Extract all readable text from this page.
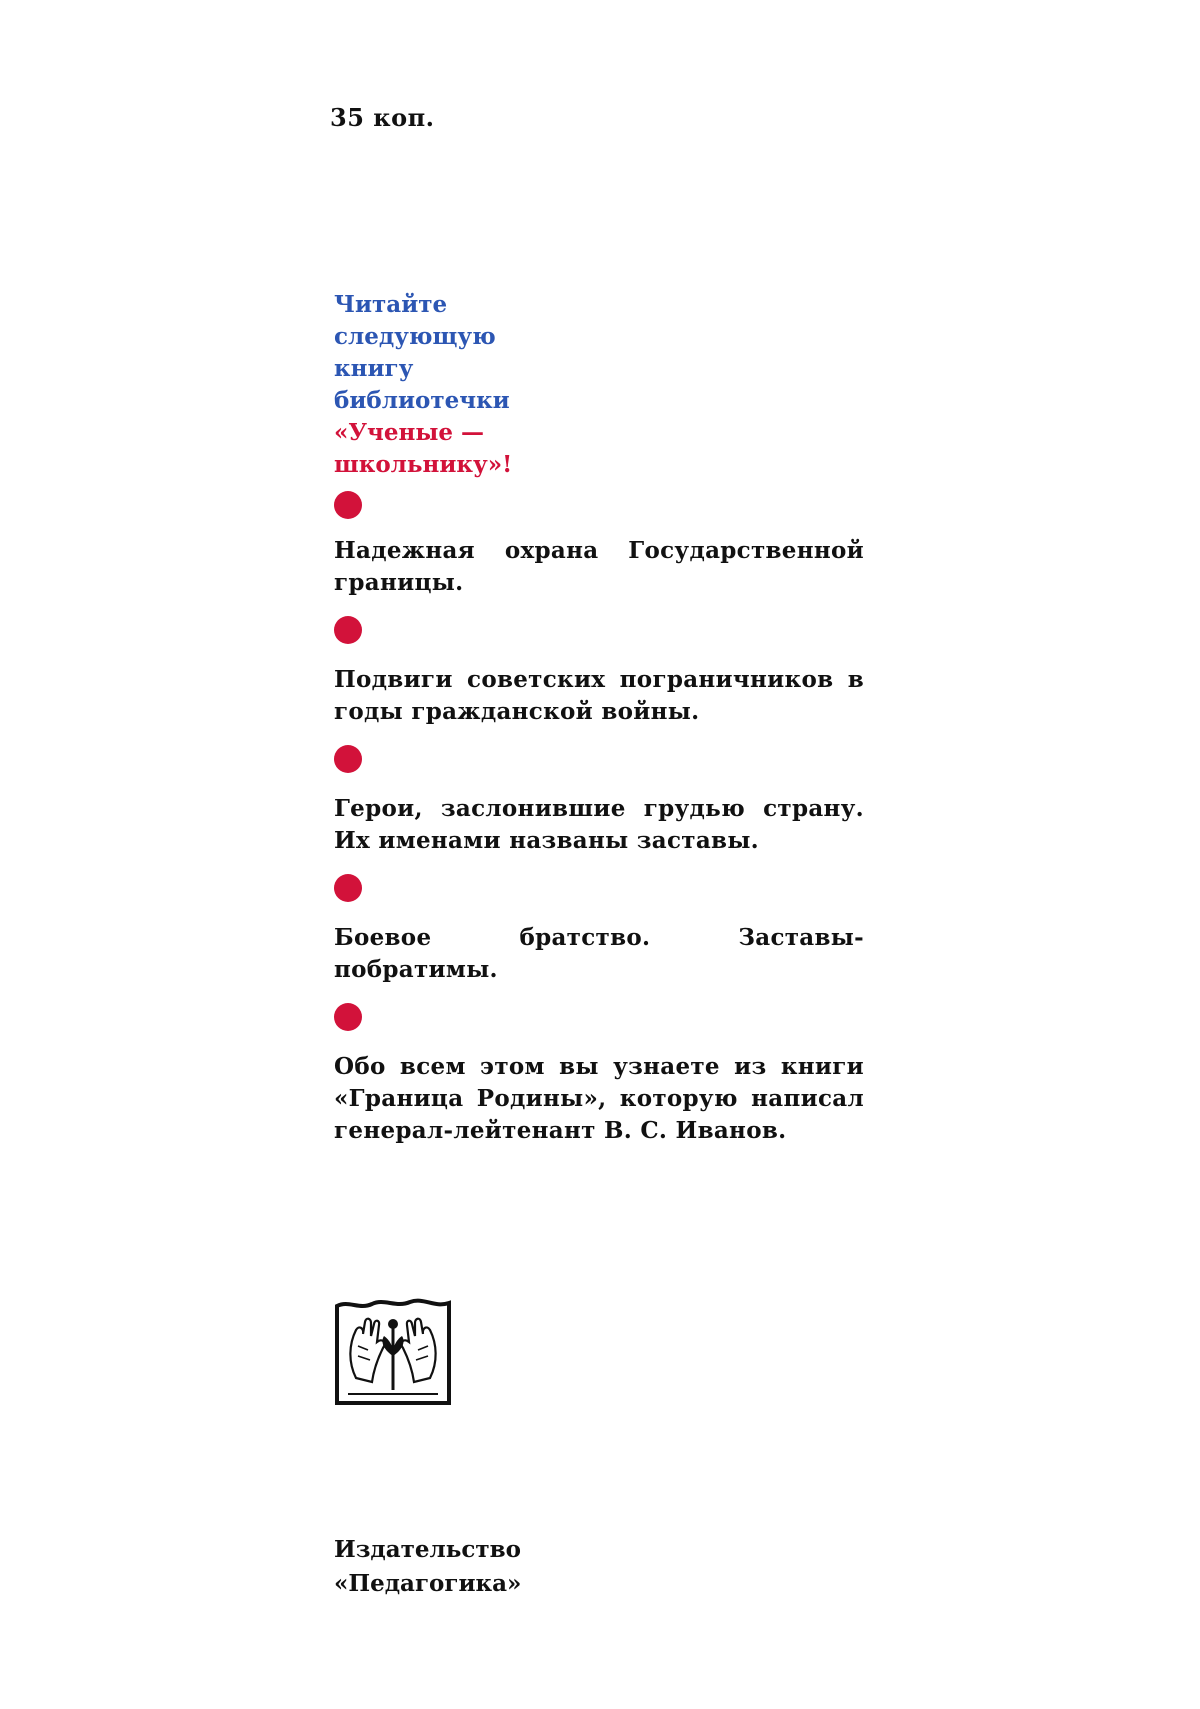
35 коп.
Читайте
следующую
книгу
библиотечки
«Ученые —
школьнику»!
Надежная охрана Государственной границы.
Подвиги советских пограничников в годы гражданской войны.
Герои, заслонившие грудью страну. Их именами названы заставы.
Боевое братство. Заставы-побратимы.
Обо всем этом вы узнаете из книги «Граница Родины», которую написал генерал-лейтенант В. С. Иванов.
Издательство
«Педагогика»
